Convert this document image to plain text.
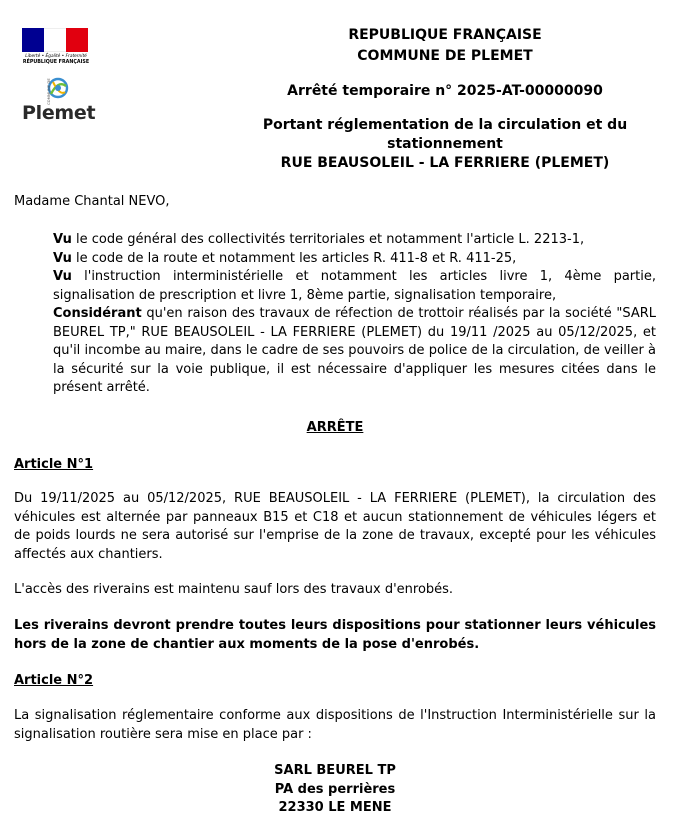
Liberté • Égalité • Fraternité
RÉPUBLIQUE FRANÇAISE
Plemet
COMMUNE DE
REPUBLIQUE FRANÇAISE
COMMUNE DE PLEMET
Arrêté temporaire n° 2025-AT-00000090
Portant réglementation de la circulation et du stationnement
RUE BEAUSOLEIL - LA FERRIERE (PLEMET)
Madame Chantal NEVO,
Vu le code général des collectivités territoriales et notamment l'article L. 2213-1,
Vu le code de la route et notamment les articles R. 411-8 et R. 411-25,
Vu l'instruction interministérielle et notamment les articles livre 1, 4ème partie, signalisation de prescription et livre 1, 8ème partie, signalisation temporaire,
Considérant qu'en raison des travaux de réfection de trottoir réalisés par la société "SARL BEUREL TP," RUE BEAUSOLEIL - LA FERRIERE (PLEMET) du 19/11 /2025 au 05/12/2025, et qu'il incombe au maire, dans le cadre de ses pouvoirs de police de la circulation, de veiller à la sécurité sur la voie publique, il est nécessaire d'appliquer les mesures citées dans le présent arrêté.
ARRÊTE
Article N°1
Du 19/11/2025 au 05/12/2025, RUE BEAUSOLEIL - LA FERRIERE (PLEMET), la circulation des véhicules est alternée par panneaux B15 et C18 et aucun stationnement de véhicules légers et de poids lourds ne sera autorisé sur l'emprise de la zone de travaux, excepté pour les véhicules affectés aux chantiers.
L'accès des riverains est maintenu sauf lors des travaux d'enrobés.
Les riverains devront prendre toutes leurs dispositions pour stationner leurs véhicules hors de la zone de chantier aux moments de la pose d'enrobés.
Article N°2
La signalisation réglementaire conforme aux dispositions de l'Instruction Interministérielle sur la signalisation routière sera mise en place par :
SARL BEUREL TP
PA des perrières
22330 LE MENE
